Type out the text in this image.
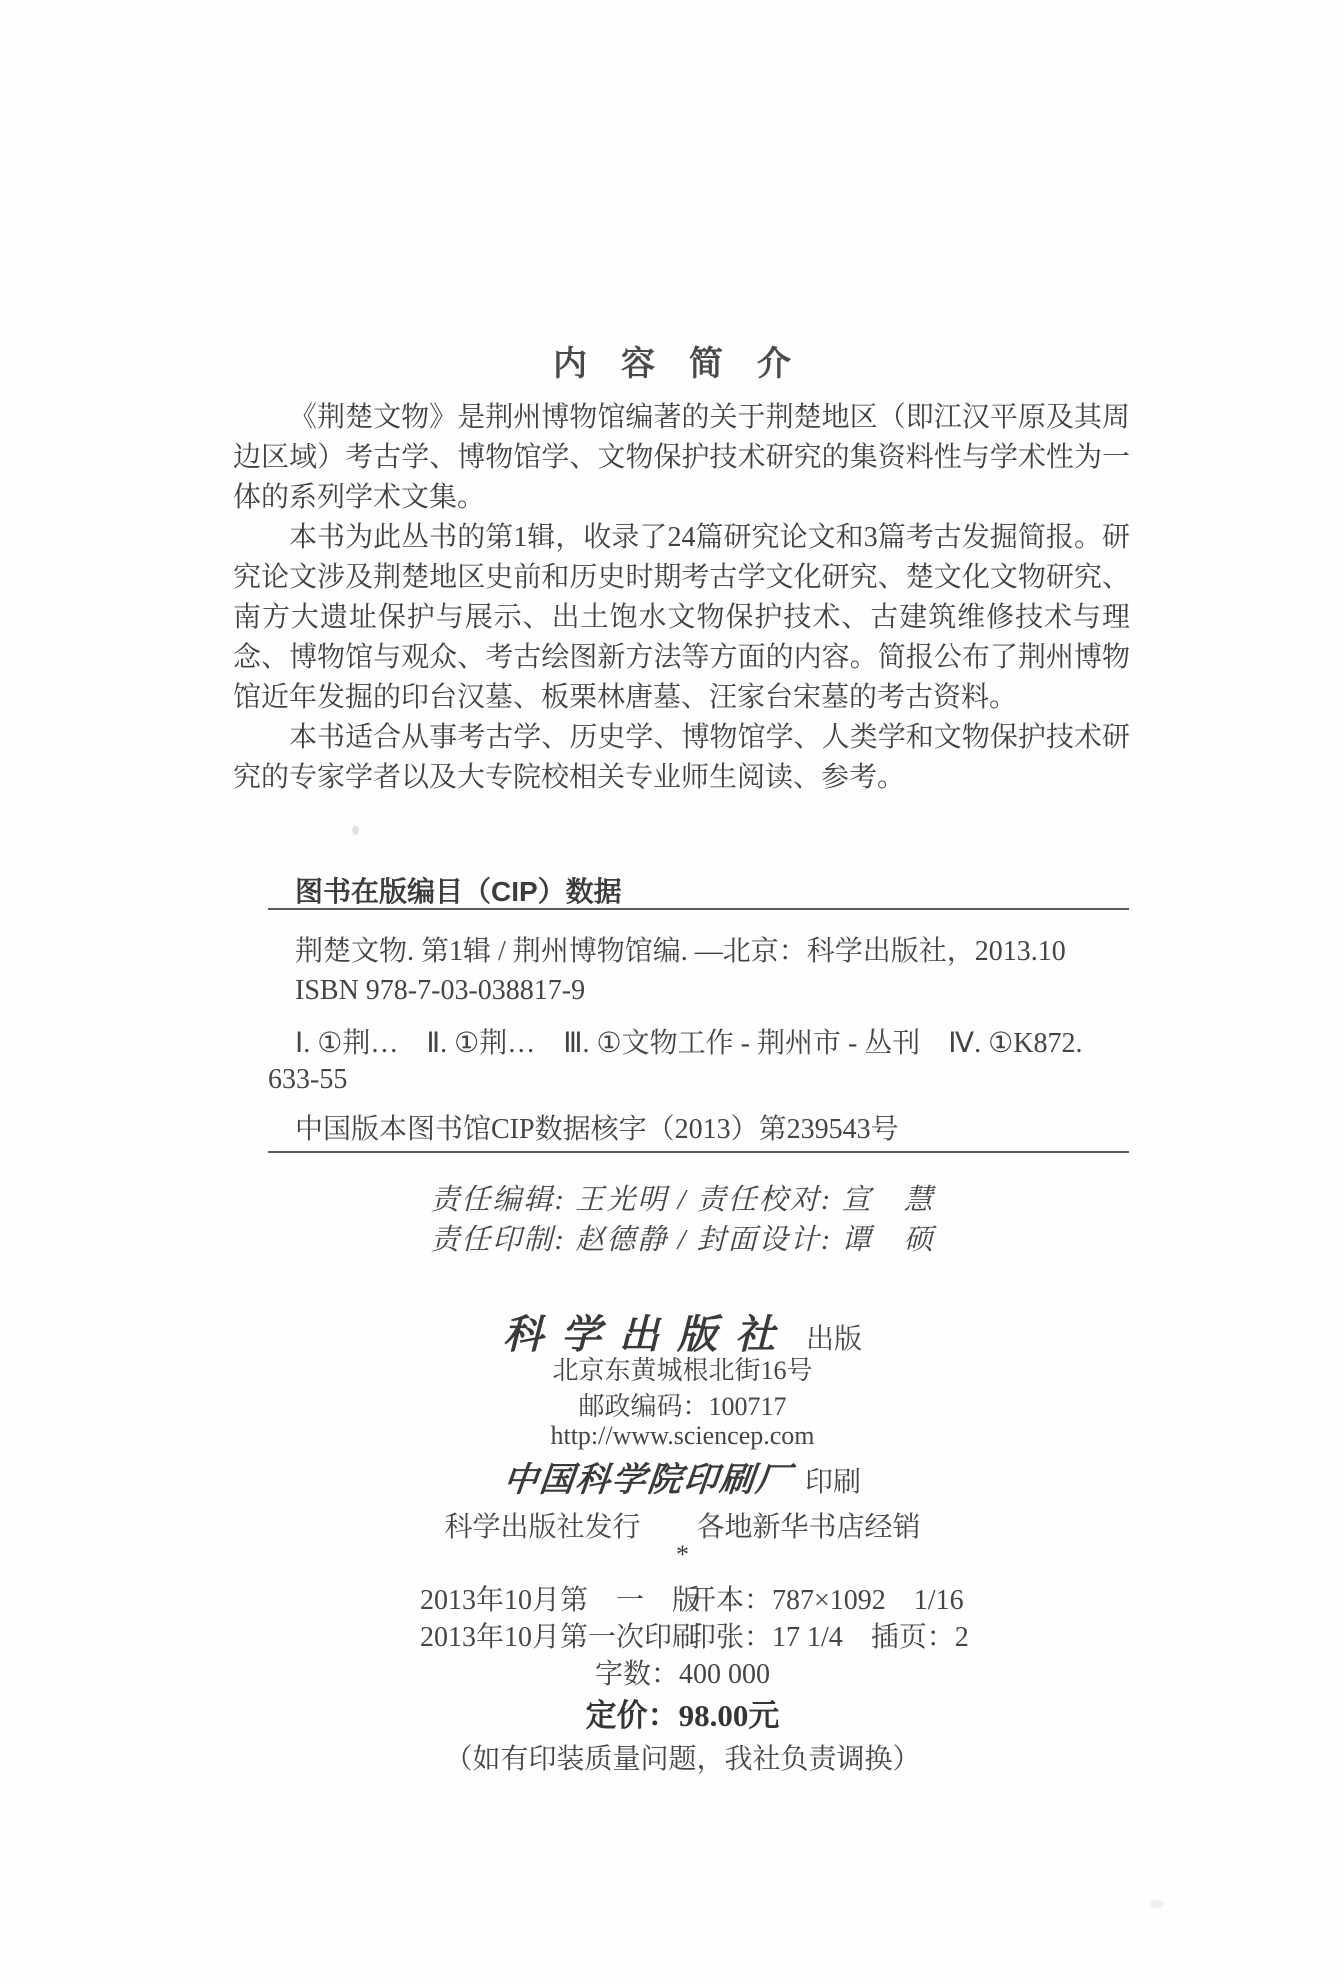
内　容　简　介

《荆楚文物》是荆州博物馆编著的关于荆楚地区（即江汉平原及其周边区域）考古学、博物馆学、文物保护技术研究的集资料性与学术性为一体的系列学术文集。

本书为此丛书的第1辑，收录了24篇研究论文和3篇考古发掘简报。研究论文涉及荆楚地区史前和历史时期考古学文化研究、楚文化文物研究、南方大遗址保护与展示、出土饱水文物保护技术、古建筑维修技术与理念、博物馆与观众、考古绘图新方法等方面的内容。简报公布了荆州博物馆近年发掘的印台汉墓、板栗林唐墓、汪家台宋墓的考古资料。

本书适合从事考古学、历史学、博物馆学、人类学和文物保护技术研究的专家学者以及大专院校相关专业师生阅读、参考。

图书在版编目（CIP）数据
荆楚文物. 第1辑 / 荆州博物馆编. —北京：科学出版社，2013.10
ISBN 978-7-03-038817-9
Ⅰ. ①荆…　Ⅱ. ①荆…　Ⅲ. ①文物工作 - 荆州市 - 丛刊　Ⅳ. ①K872.
633-55
中国版本图书馆CIP数据核字（2013）第239543号
责任编辑: 王光明 / 责任校对: 宣　慧
责任印制: 赵德静 / 封面设计: 谭　硕
科学出版社 出版
北京东黄城根北街16号
邮政编码：100717
http://www.sciencep.com
中国科学院印刷厂 印刷
科学出版社发行　　各地新华书店经销
*
2013年10月第　一　版
开本：787×1092　1/16
2013年10月第一次印刷
印张：17 1/4　插页：2
字数：400 000
定价：98.00元
（如有印装质量问题，我社负责调换）
